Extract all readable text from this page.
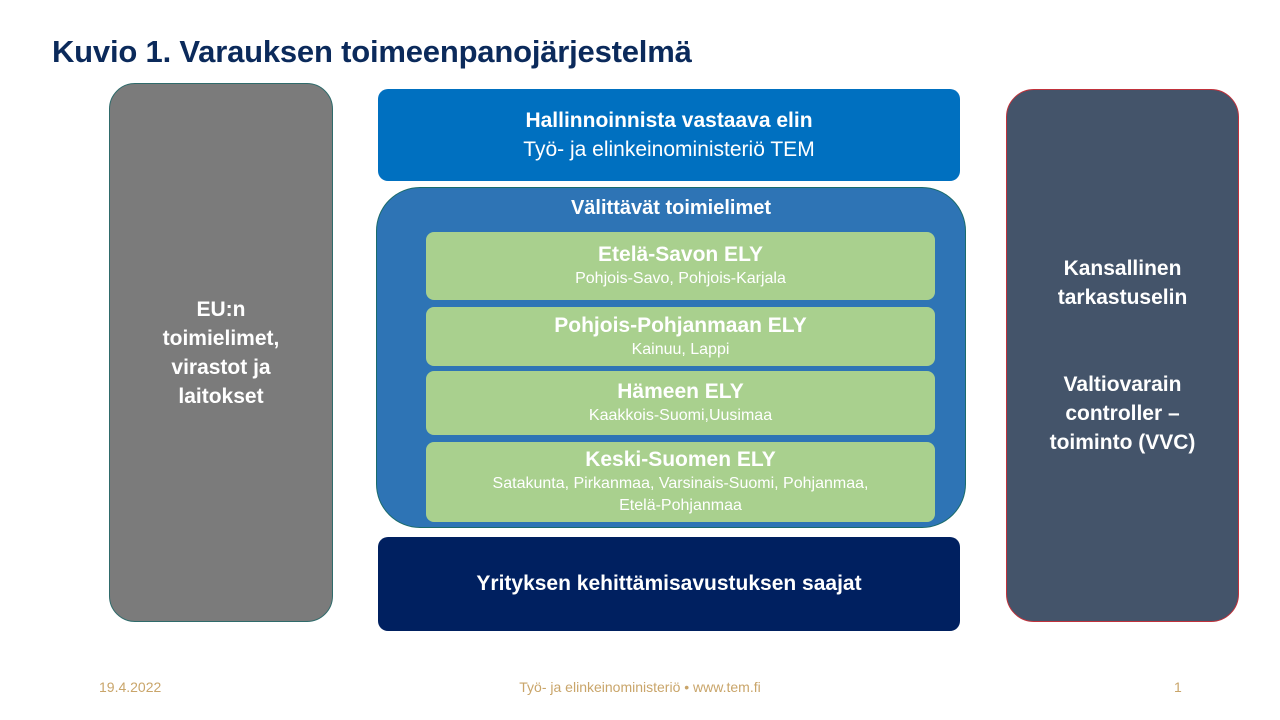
Kuvio 1. Varauksen toimeenpanojärjestelmä
EU:n
toimielimet,
virastot ja
laitokset
Hallinnoinnista vastaava elin
Työ- ja elinkeinoministeriö TEM
Välittävät toimielimet
Etelä-Savon ELY
Pohjois-Savo, Pohjois-Karjala
Pohjois-Pohjanmaan ELY
Kainuu, Lappi
Hämeen ELY
Kaakkois-Suomi,Uusimaa
Keski-Suomen ELY
Satakunta, Pirkanmaa, Varsinais-Suomi, Pohjanmaa,
Etelä-Pohjanmaa
Yrityksen kehittämisavustuksen saajat
Kansallinen
tarkastuselin
Valtiovarain
controller –
toiminto (VVC)
19.4.2022	Työ- ja elinkeinoministeriö • www.tem.fi	1
